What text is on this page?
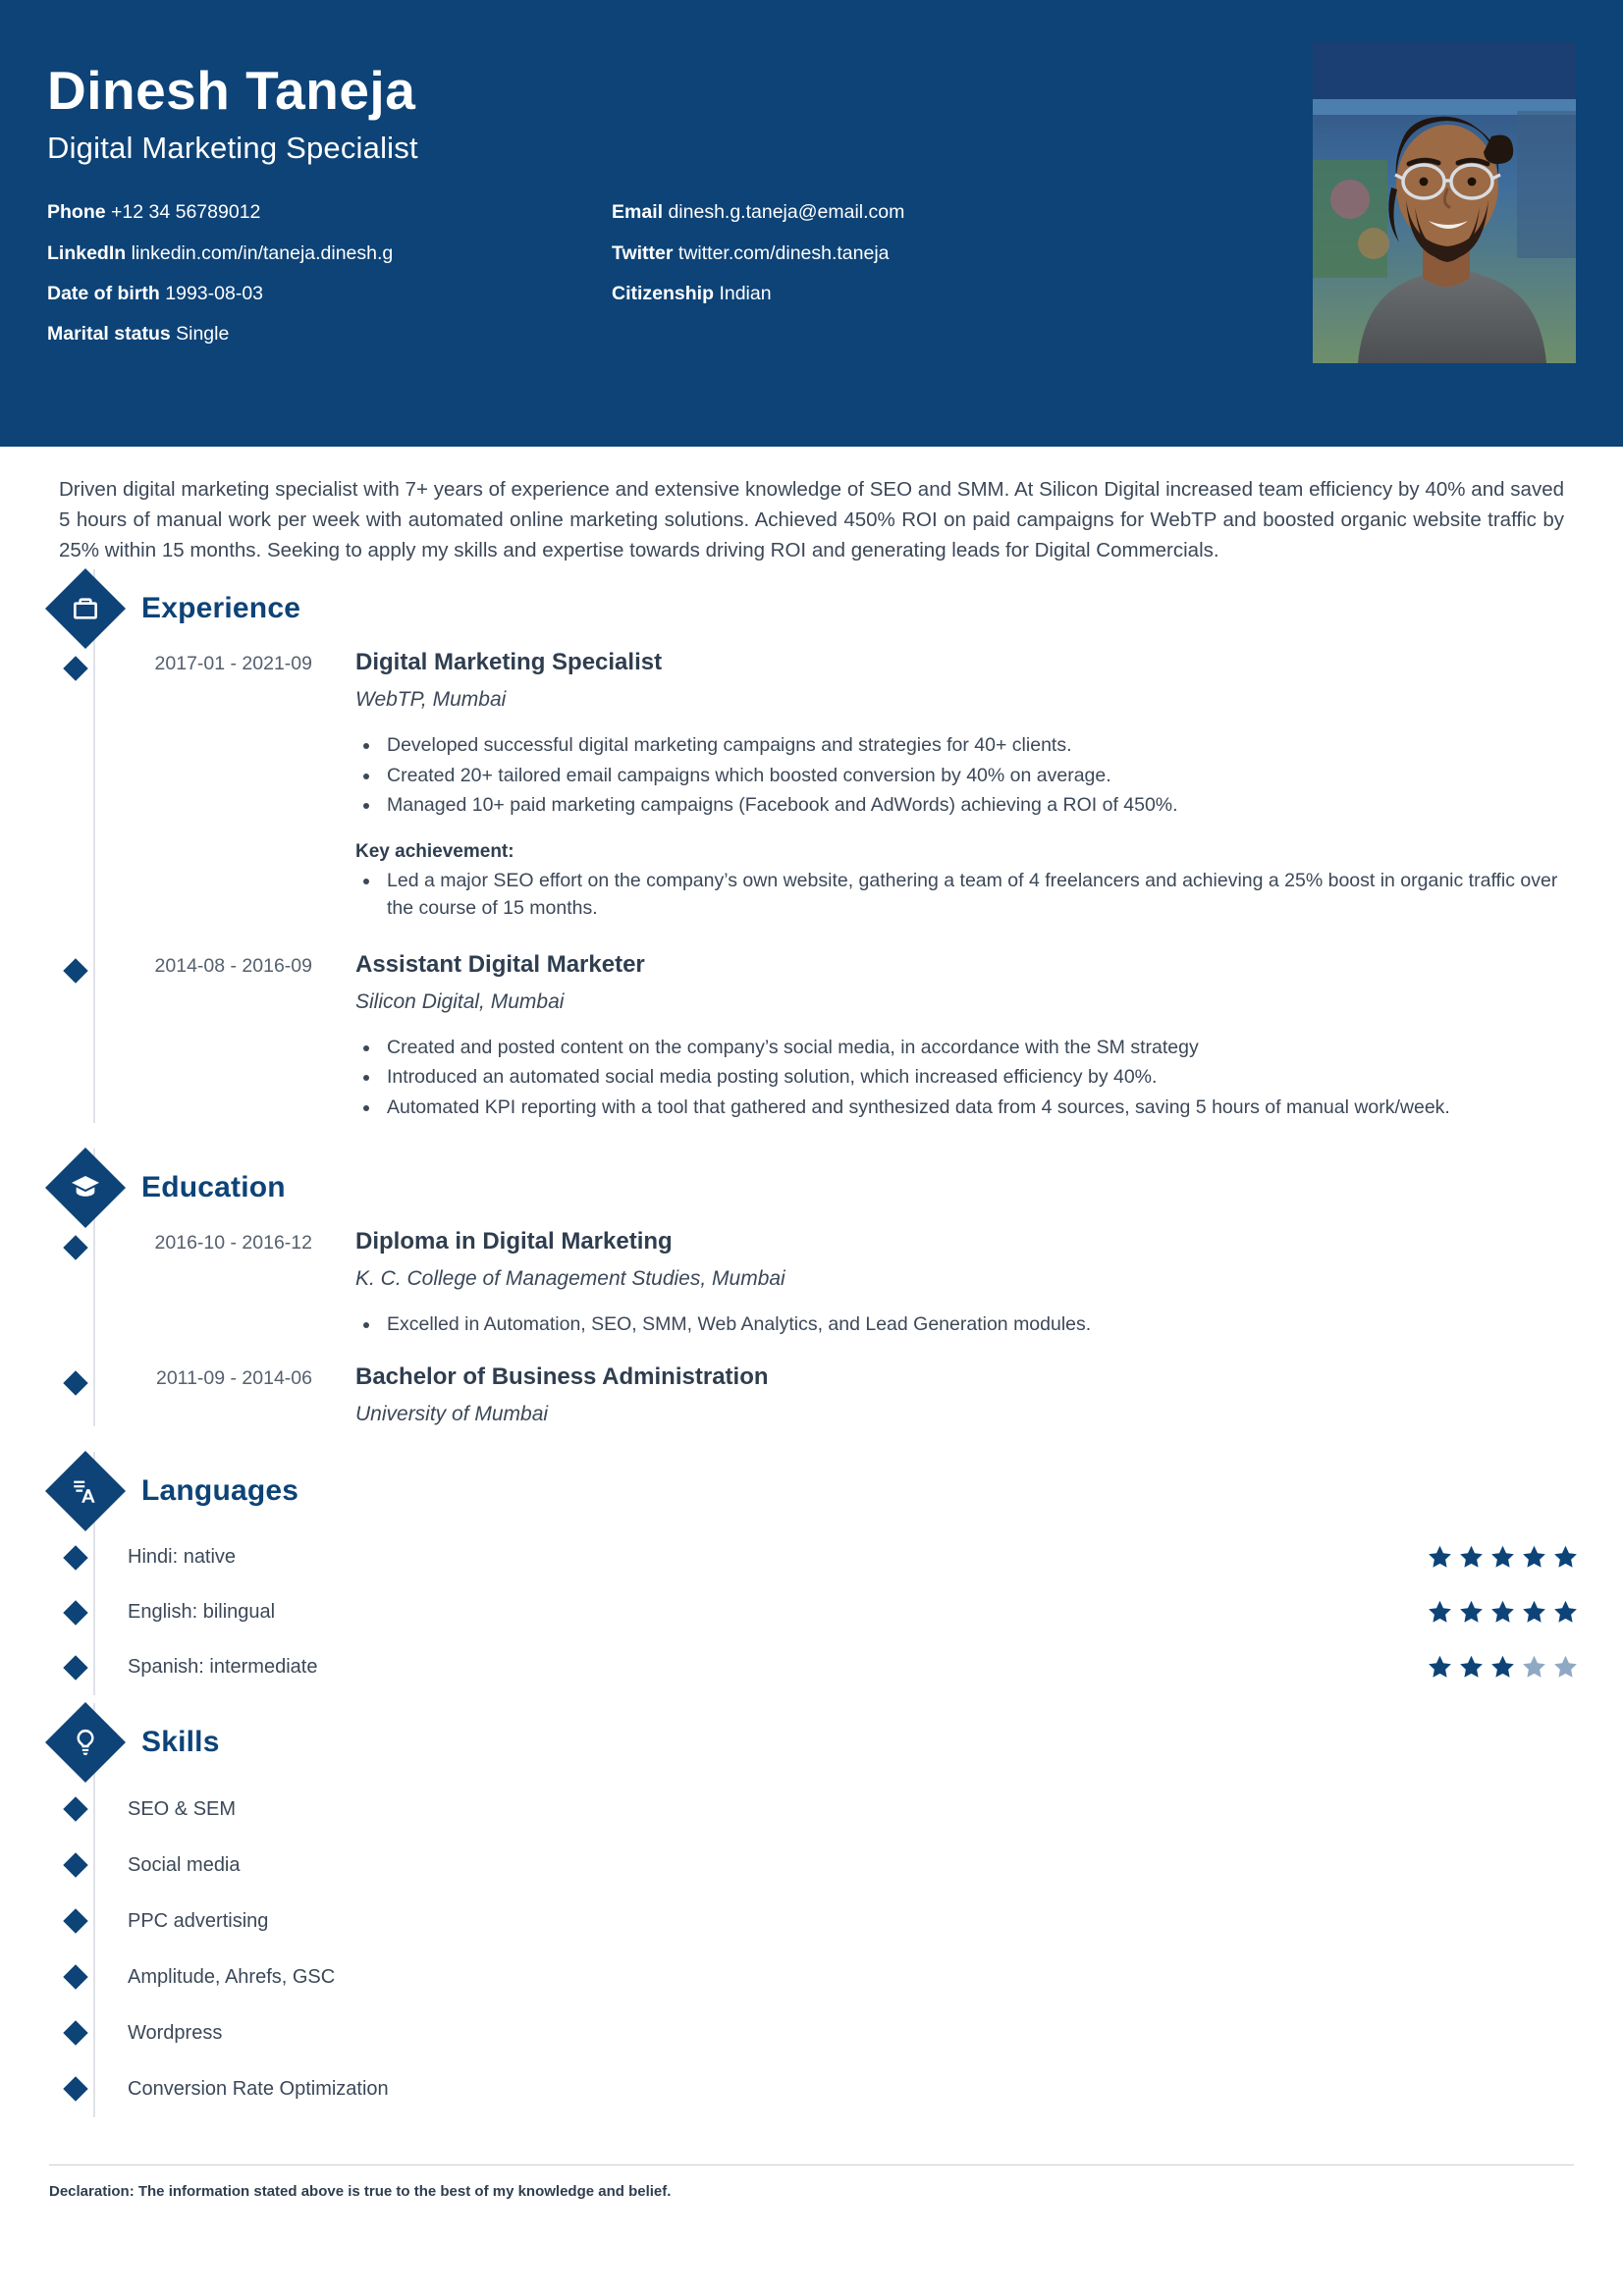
Dinesh Taneja
Digital Marketing Specialist
Phone +12 34 56789012	Email dinesh.g.taneja@email.com
LinkedIn linkedin.com/in/taneja.dinesh.g	Twitter twitter.com/dinesh.taneja
Date of birth 1993-08-03	Citizenship Indian
Marital status Single
Driven digital marketing specialist with 7+ years of experience and extensive knowledge of SEO and SMM. At Silicon Digital increased team efficiency by 40% and saved 5 hours of manual work per week with automated online marketing solutions. Achieved 450% ROI on paid campaigns for WebTP and boosted organic website traffic by 25% within 15 months. Seeking to apply my skills and expertise towards driving ROI and generating leads for Digital Commercials.
Experience
2017-01 - 2021-09	Digital Marketing Specialist
WebTP, Mumbai
• Developed successful digital marketing campaigns and strategies for 40+ clients.
• Created 20+ tailored email campaigns which boosted conversion by 40% on average.
• Managed 10+ paid marketing campaigns (Facebook and AdWords) achieving a ROI of 450%.
Key achievement:
• Led a major SEO effort on the company’s own website, gathering a team of 4 freelancers and achieving a 25% boost in organic traffic over the course of 15 months.
2014-08 - 2016-09	Assistant Digital Marketer
Silicon Digital, Mumbai
• Created and posted content on the company’s social media, in accordance with the SM strategy
• Introduced an automated social media posting solution, which increased efficiency by 40%.
• Automated KPI reporting with a tool that gathered and synthesized data from 4 sources, saving 5 hours of manual work/week.
Education
2016-10 - 2016-12	Diploma in Digital Marketing
K. C. College of Management Studies, Mumbai
• Excelled in Automation, SEO, SMM, Web Analytics, and Lead Generation modules.
2011-09 - 2014-06	Bachelor of Business Administration
University of Mumbai
Languages
Hindi: native
English: bilingual
Spanish: intermediate
Skills
SEO & SEM
Social media
PPC advertising
Amplitude, Ahrefs, GSC
Wordpress
Conversion Rate Optimization
Declaration: The information stated above is true to the best of my knowledge and belief.
